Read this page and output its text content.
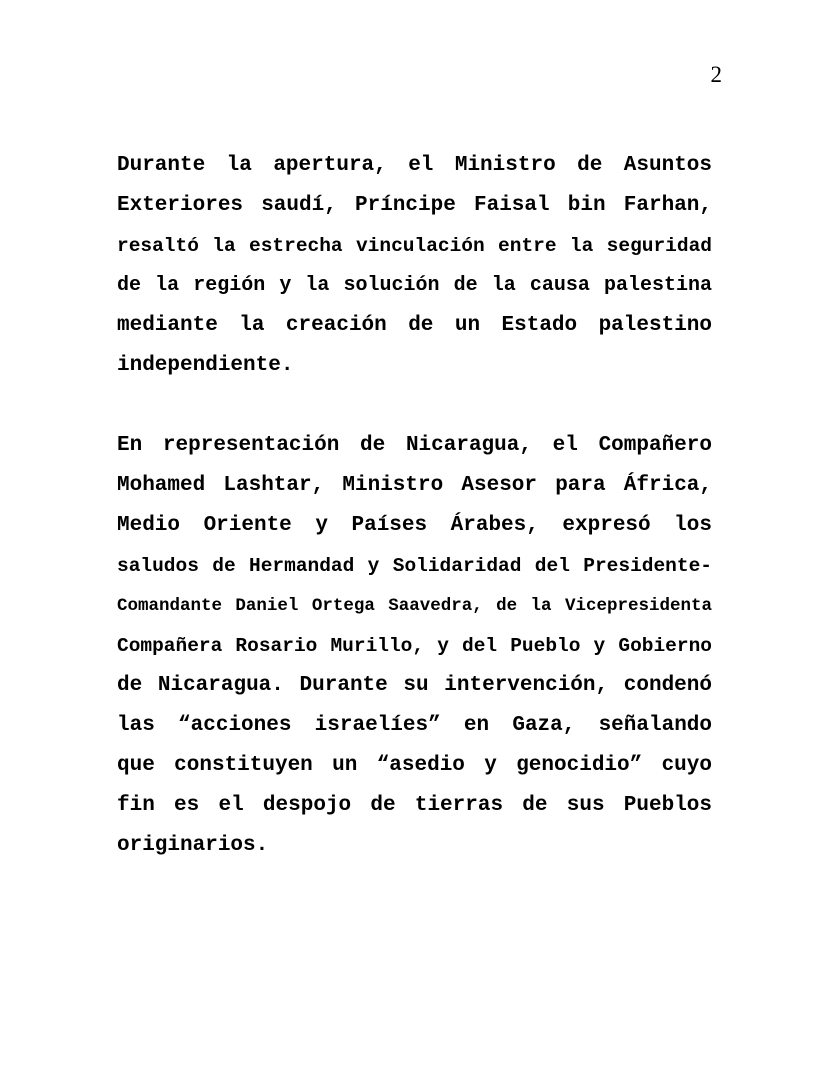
2
Durante la apertura, el Ministro de Asuntos
Exteriores saudí, Príncipe Faisal bin Farhan,
resaltó la estrecha vinculación entre la seguridad
de la región y la solución de la causa palestina
mediante la creación de un Estado palestino
independiente.
En representación de Nicaragua, el Compañero
Mohamed Lashtar, Ministro Asesor para África,
Medio Oriente y Países Árabes, expresó los
saludos de Hermandad y Solidaridad del Presidente-
Comandante Daniel Ortega Saavedra, de la Vicepresidenta
Compañera Rosario Murillo, y del Pueblo y Gobierno
de Nicaragua. Durante su intervención, condenó
las “acciones israelíes” en Gaza, señalando
que constituyen un “asedio y genocidio” cuyo
fin es el despojo de tierras de sus Pueblos
originarios.
